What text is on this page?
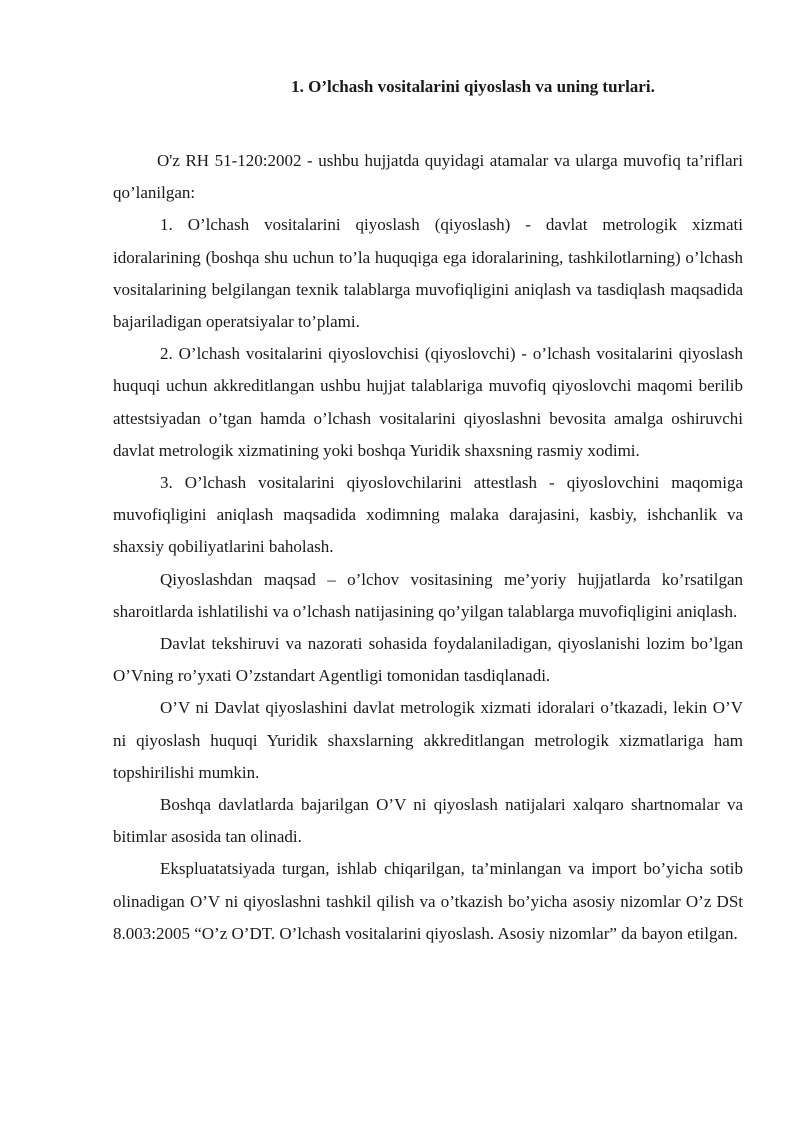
1. O’lchash vositalarini qiyoslash va uning turlari.

O'z RH 51-120:2002 - ushbu hujjatda quyidagi atamalar va ularga muvofiq ta’riflari qo’lanilgan:

1. O’lchash vositalarini qiyoslash (qiyoslash) - davlat metrologik xizmati idoralarining (boshqa shu uchun to’la huquqiga ega idoralarining, tashkilotlarning) o’lchash vositalarining belgilangan texnik talablarga muvofiqligini aniqlash va tasdiqlash maqsadida bajariladigan operatsiyalar to’plami.

2. O’lchash vositalarini qiyoslovchisi (qiyoslovchi) - o’lchash vositalarini qiyoslash huquqi uchun akkreditlangan ushbu hujjat talablariga muvofiq qiyoslovchi maqomi berilib attestsiyadan o’tgan hamda o’lchash vositalarini qiyoslashni bevosita amalga oshiruvchi davlat metrologik xizmatining yoki boshqa Yuridik shaxsning rasmiy xodimi.

3. O’lchash vositalarini qiyoslovchilarini attestlash - qiyoslovchini maqomiga muvofiqligini aniqlash maqsadida xodimning malaka darajasini, kasbiy, ishchanlik va shaxsiy qobiliyatlarini baholash.

Qiyoslashdan maqsad – o’lchov vositasining me’yoriy hujjatlarda ko’rsatilgan sharoitlarda ishlatilishi va o’lchash natijasining qo’yilgan talablarga muvofiqligini aniqlash.

Davlat tekshiruvi va nazorati sohasida foydalaniladigan, qiyoslanishi lozim bo’lgan O’Vning ro’yxati O’zstandart Agentligi tomonidan tasdiqlanadi.

O’V ni Davlat qiyoslashini davlat metrologik xizmati idoralari o’tkazadi, lekin O’V ni qiyoslash huquqi Yuridik shaxslarning akkreditlangan metrologik xizmatlariga ham topshirilishi mumkin.

Boshqa davlatlarda bajarilgan O’V ni qiyoslash natijalari xalqaro shartnomalar va bitimlar asosida tan olinadi.

Ekspluatatsiyada turgan, ishlab chiqarilgan, ta’minlangan va import bo’yicha sotib olinadigan O’V ni qiyoslashni tashkil qilish va o’tkazish bo’yicha asosiy nizomlar O’z DSt 8.003:2005 “O’z O’DT. O’lchash vositalarini qiyoslash. Asosiy nizomlar” da bayon etilgan.
